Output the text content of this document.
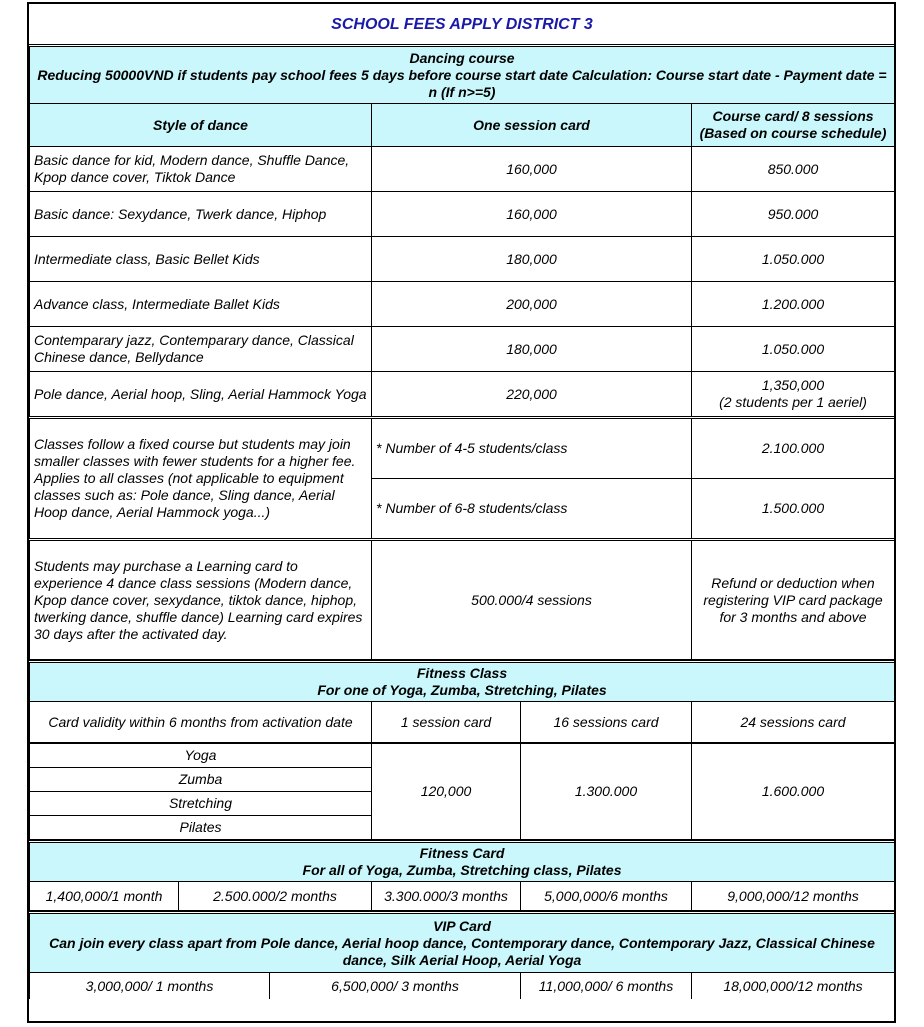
SCHOOL FEES APPLY DISTRICT 3		

Dancing course
Reducing 50000VND if students pay school fees 5 days before course start date Calculation: Course start date - Payment date = n (If n>=5)		

Style of dance	One session card	Course card/ 8 sessions
(Based on course schedule)

Basic dance for kid, Modern dance, Shuffle Dance, Kpop dance cover, Tiktok Dance	160,000	850.000
Basic dance: Sexydance, Twerk dance, Hiphop	160,000	950.000
Intermediate class, Basic Bellet Kids	180,000	1.050.000
Advance class, Intermediate Ballet Kids	200,000	1.200.000
Contemparary jazz, Contemparary dance, Classical Chinese dance, Bellydance	180,000	1.050.000
Pole dance, Aerial hoop, Sling, Aerial Hammock Yoga	220,000	1,350,000
(2 students per 1 aeriel)

Classes follow a fixed course but students may join smaller classes with fewer students for a higher fee. Applies to all classes (not applicable to equipment classes such as: Pole dance, Sling dance, Aerial Hoop dance, Aerial Hammock yoga...)	* Number of 4-5 students/class	2.100.000
	* Number of 6-8 students/class	1.500.000
Students may purchase a Learning card to experience 4 dance class sessions (Modern dance, Kpop dance cover, sexydance, tiktok dance, hiphop, twerking dance, shuffle dance) Learning card expires 30 days after the activated day.	500.000/4 sessions	Refund or deduction when registering VIP card package for 3 months and above
Fitness Class
For one of Yoga, Zumba, Stretching, Pilates			

Card validity within 6 months from activation date	1 session card	16 sessions card	24 sessions card
Yoga	120,000	1.300.000	1.600.000
Zumba			
Stretching			
Pilates			
Fitness Card
For all of Yoga, Zumba, Stretching class, Pilates

1,400,000/1 month	2.500.000/2 months	3.300.000/3 months	5,000,000/6 months	9,000,000/12 months
VIP Card
Can join every class apart from Pole dance, Aerial hoop dance, Contemporary dance, Contemporary Jazz, Classical Chinese dance, Silk Aerial Hoop, Aerial Yoga

3,000,000/ 1 months	6,500,000/ 3 months	11,000,000/ 6 months	18,000,000/12 months
